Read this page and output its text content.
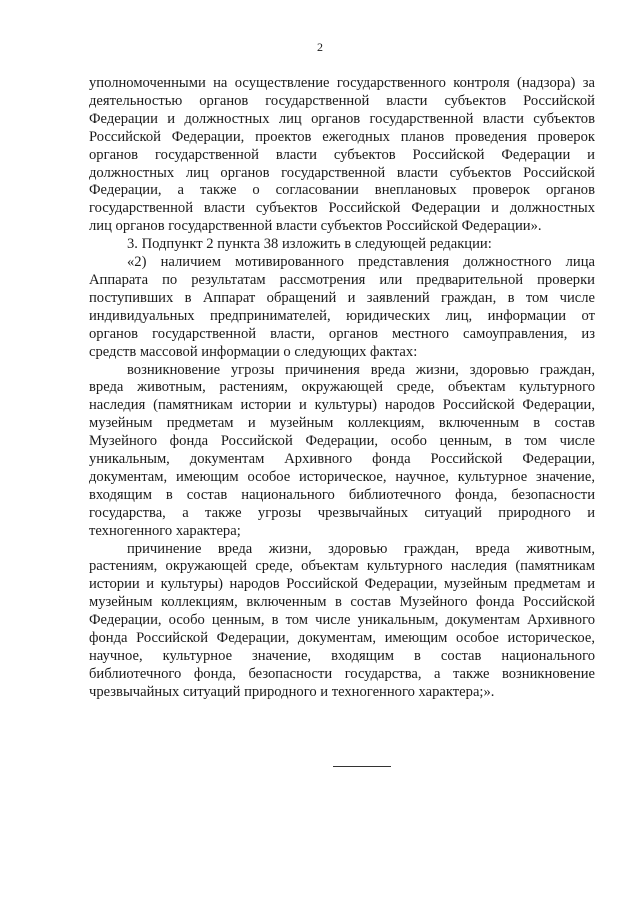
2

уполномоченными на осуществление государственного контроля (надзора) за

деятельностью органов государственной власти субъектов Российской

Федерации и должностных лиц органов государственной власти субъектов

Российской Федерации, проектов ежегодных планов проведения проверок

органов государственной власти субъектов Российской Федерации и

должностных лиц органов государственной власти субъектов Российской

Федерации, а также о согласовании внеплановых проверок органов

государственной власти субъектов Российской Федерации и должностных

лиц органов государственной власти субъектов Российской Федерации».

3. Подпункт 2 пункта 38 изложить в следующей редакции:

«2) наличием мотивированного представления должностного лица

Аппарата по результатам рассмотрения или предварительной проверки

поступивших в Аппарат обращений и заявлений граждан, в том числе

индивидуальных предпринимателей, юридических лиц, информации от

органов государственной власти, органов местного самоуправления, из

средств массовой информации о следующих фактах:

возникновение угрозы причинения вреда жизни, здоровью граждан,

вреда животным, растениям, окружающей среде, объектам культурного

наследия (памятникам истории и культуры) народов Российской Федерации,

музейным предметам и музейным коллекциям, включенным в состав

Музейного фонда Российской Федерации, особо ценным, в том числе

уникальным, документам Архивного фонда Российской Федерации,

документам, имеющим особое историческое, научное, культурное значение,

входящим в состав национального библиотечного фонда, безопасности

государства, а также угрозы чрезвычайных ситуаций природного и

техногенного характера;

причинение вреда жизни, здоровью граждан, вреда животным,

растениям, окружающей среде, объектам культурного наследия (памятникам

истории и культуры) народов Российской Федерации, музейным предметам и

музейным коллекциям, включенным в состав Музейного фонда Российской

Федерации, особо ценным, в том числе уникальным, документам Архивного

фонда Российской Федерации, документам, имеющим особое историческое,

научное, культурное значение, входящим в состав национального

библиотечного фонда, безопасности государства, а также возникновение

чрезвычайных ситуаций природного и техногенного характера;».
